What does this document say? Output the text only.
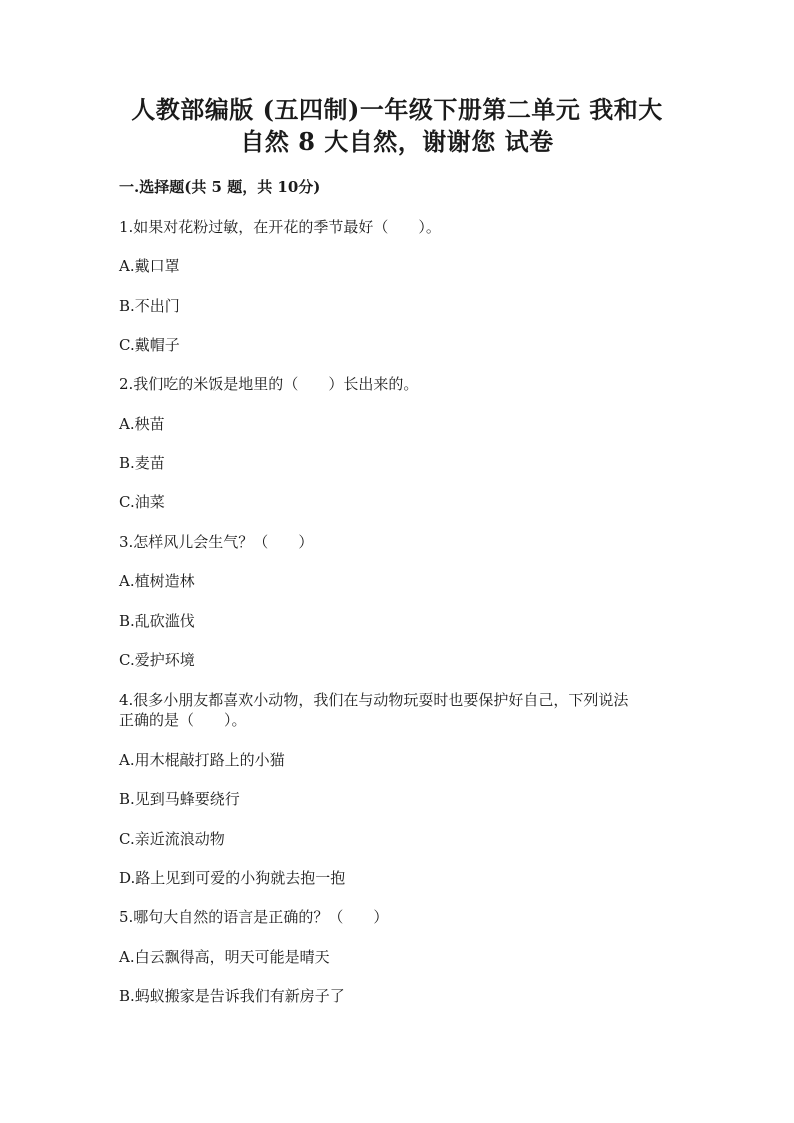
人教部编版 (五四制)一年级下册第二单元 我和大
自然 8 大自然，谢谢您 试卷
一.选择题(共 5 题，共 10分)
1.如果对花粉过敏，在开花的季节最好（　　）。
A.戴口罩
B.不出门
C.戴帽子
2.我们吃的米饭是地里的（　　）长出来的。
A.秧苗
B.麦苗
C.油菜
3.怎样风儿会生气？（　　）
A.植树造林
B.乱砍滥伐
C.爱护环境
4.很多小朋友都喜欢小动物，我们在与动物玩耍时也要保护好自己，下列说法
正确的是（　　）。
A.用木棍敲打路上的小猫
B.见到马蜂要绕行
C.亲近流浪动物
D.路上见到可爱的小狗就去抱一抱
5.哪句大自然的语言是正确的？（　　）
A.白云飘得高，明天可能是晴天
B.蚂蚁搬家是告诉我们有新房子了
